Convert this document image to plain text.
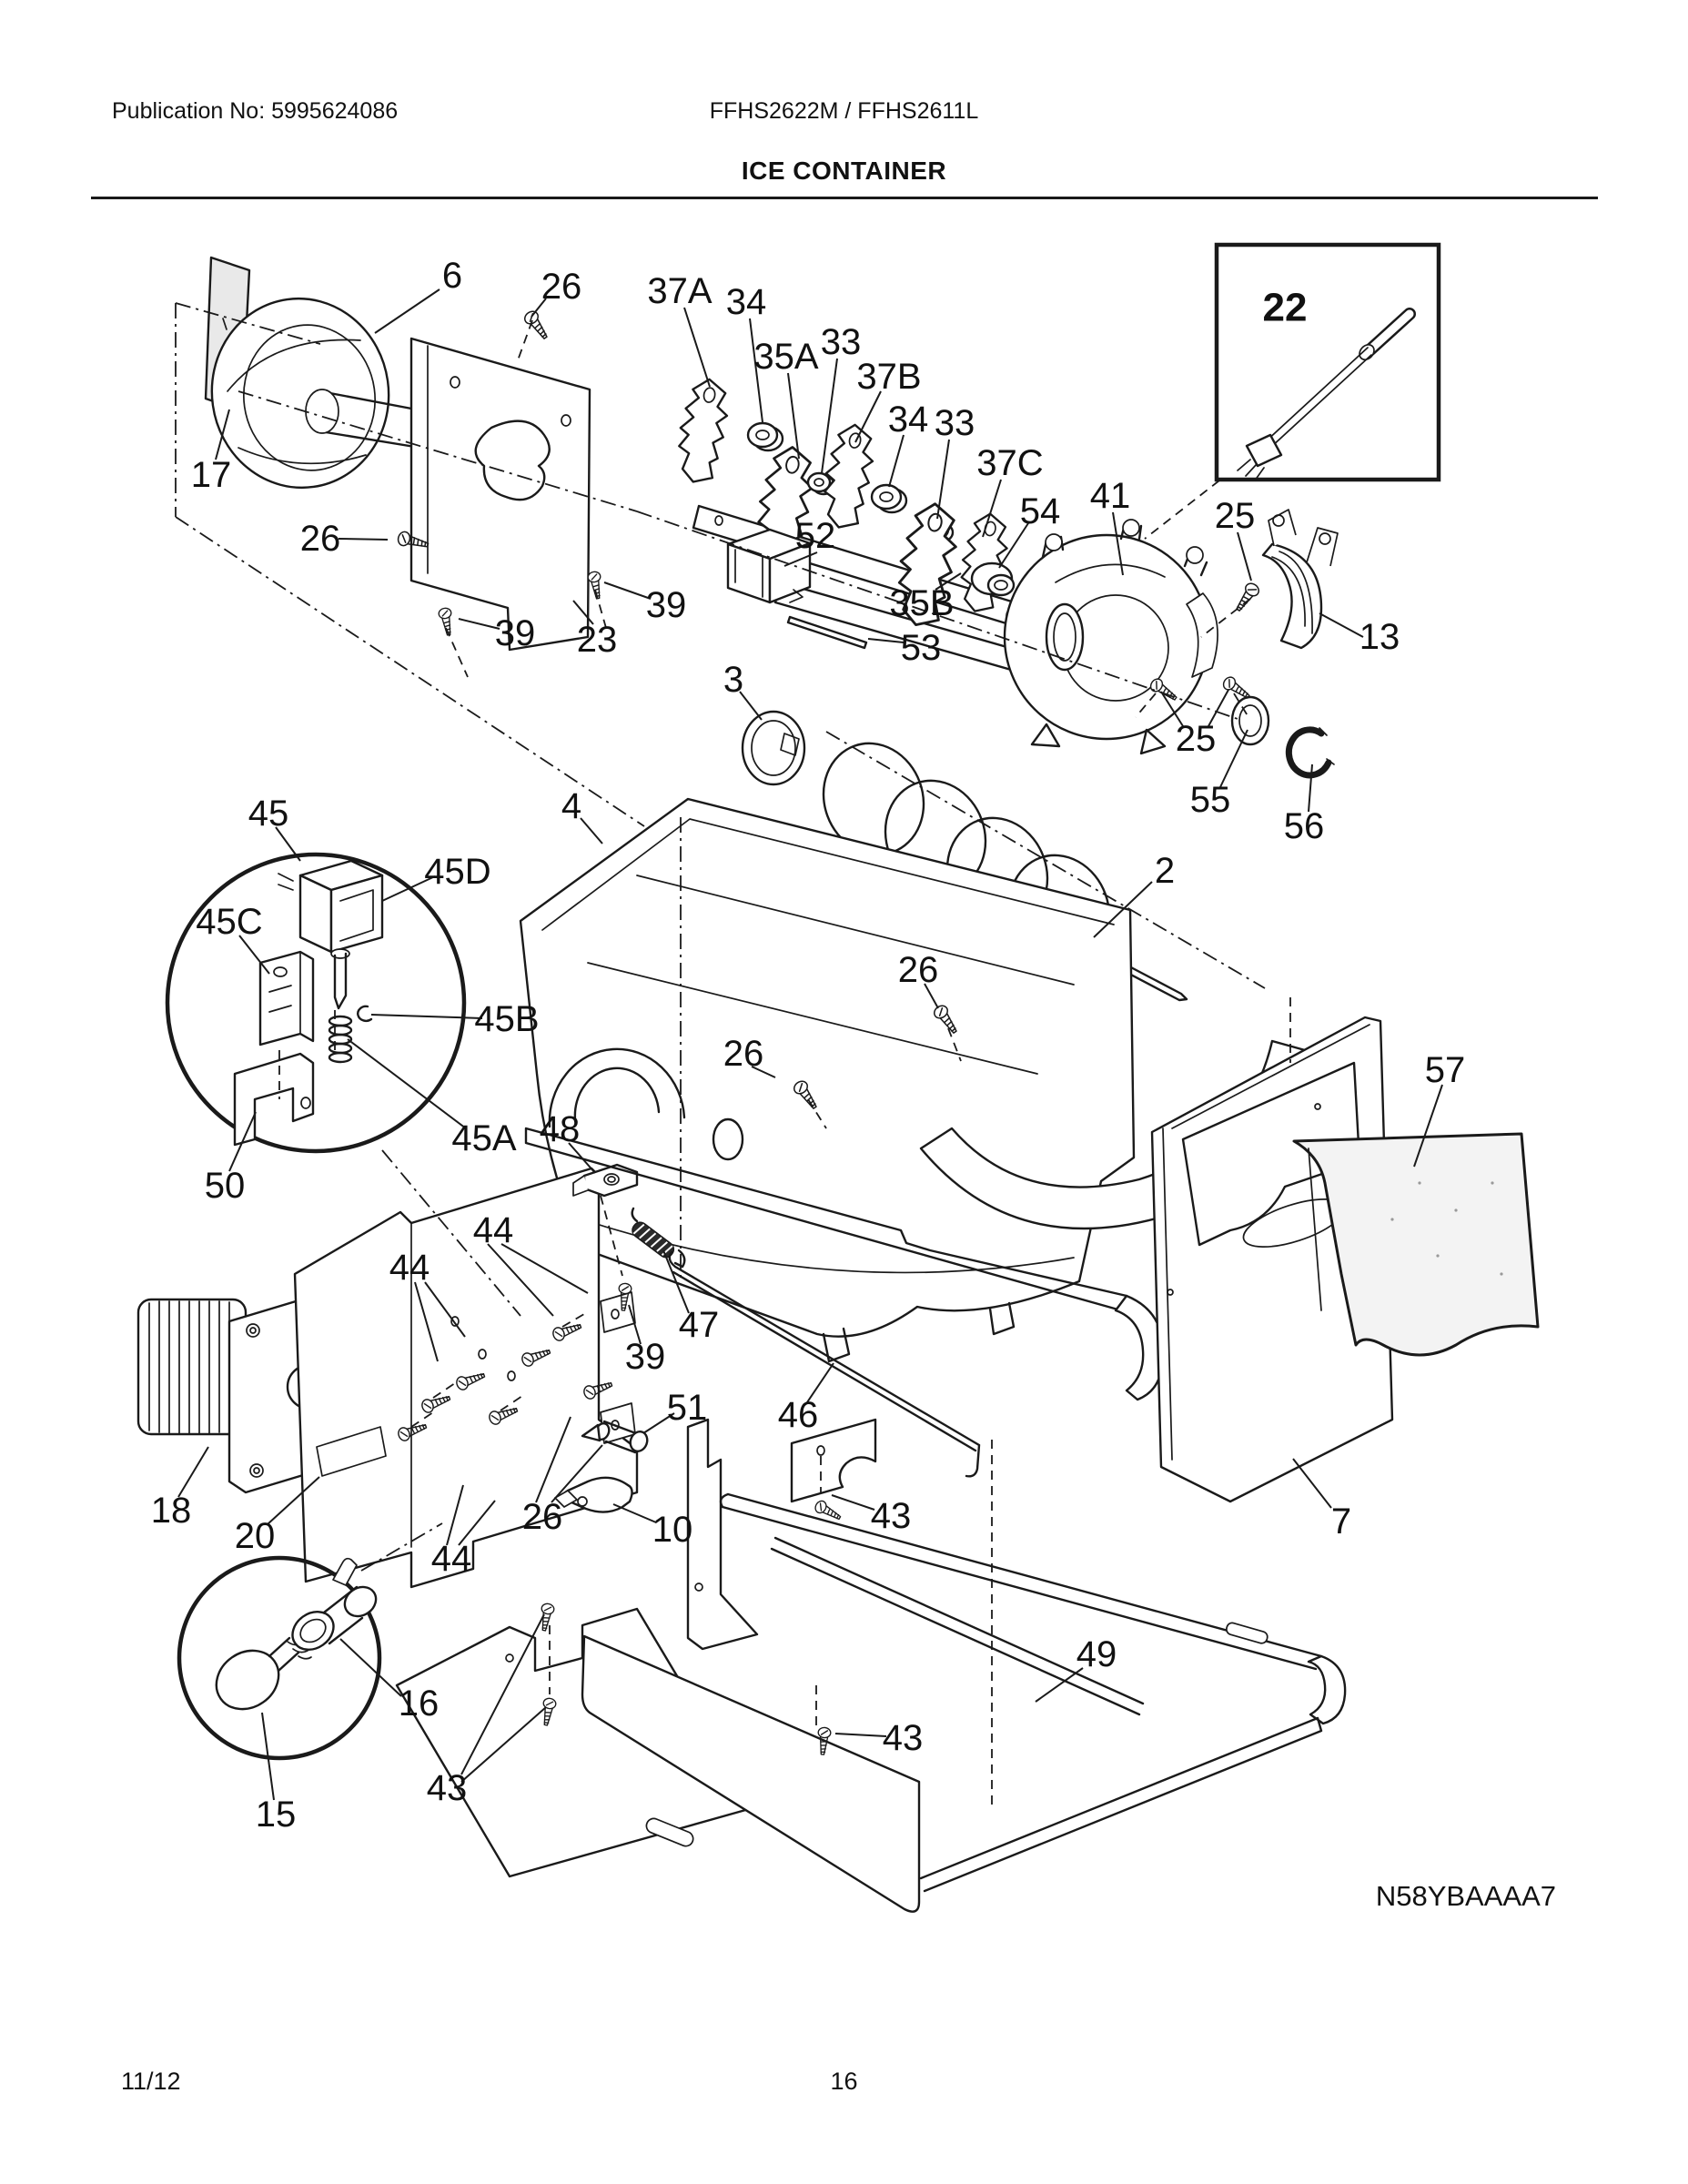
Publication No: 5995624086	FFHS2622M / FFHS2611L
ICE CONTAINER
N58YBAAAA7
11/12	16
6 26 37A 34
35A 33
37B
34 33
37C
54 41 25
22
13
17
26
39 23
39
52
35B
53
3
25
55
56
45	4
2
45D
45C
26
26
45B
45A
50
48
57
44
44
39
47
46
51
18
20	26 10	43
44
16
15
43
49
43
7
